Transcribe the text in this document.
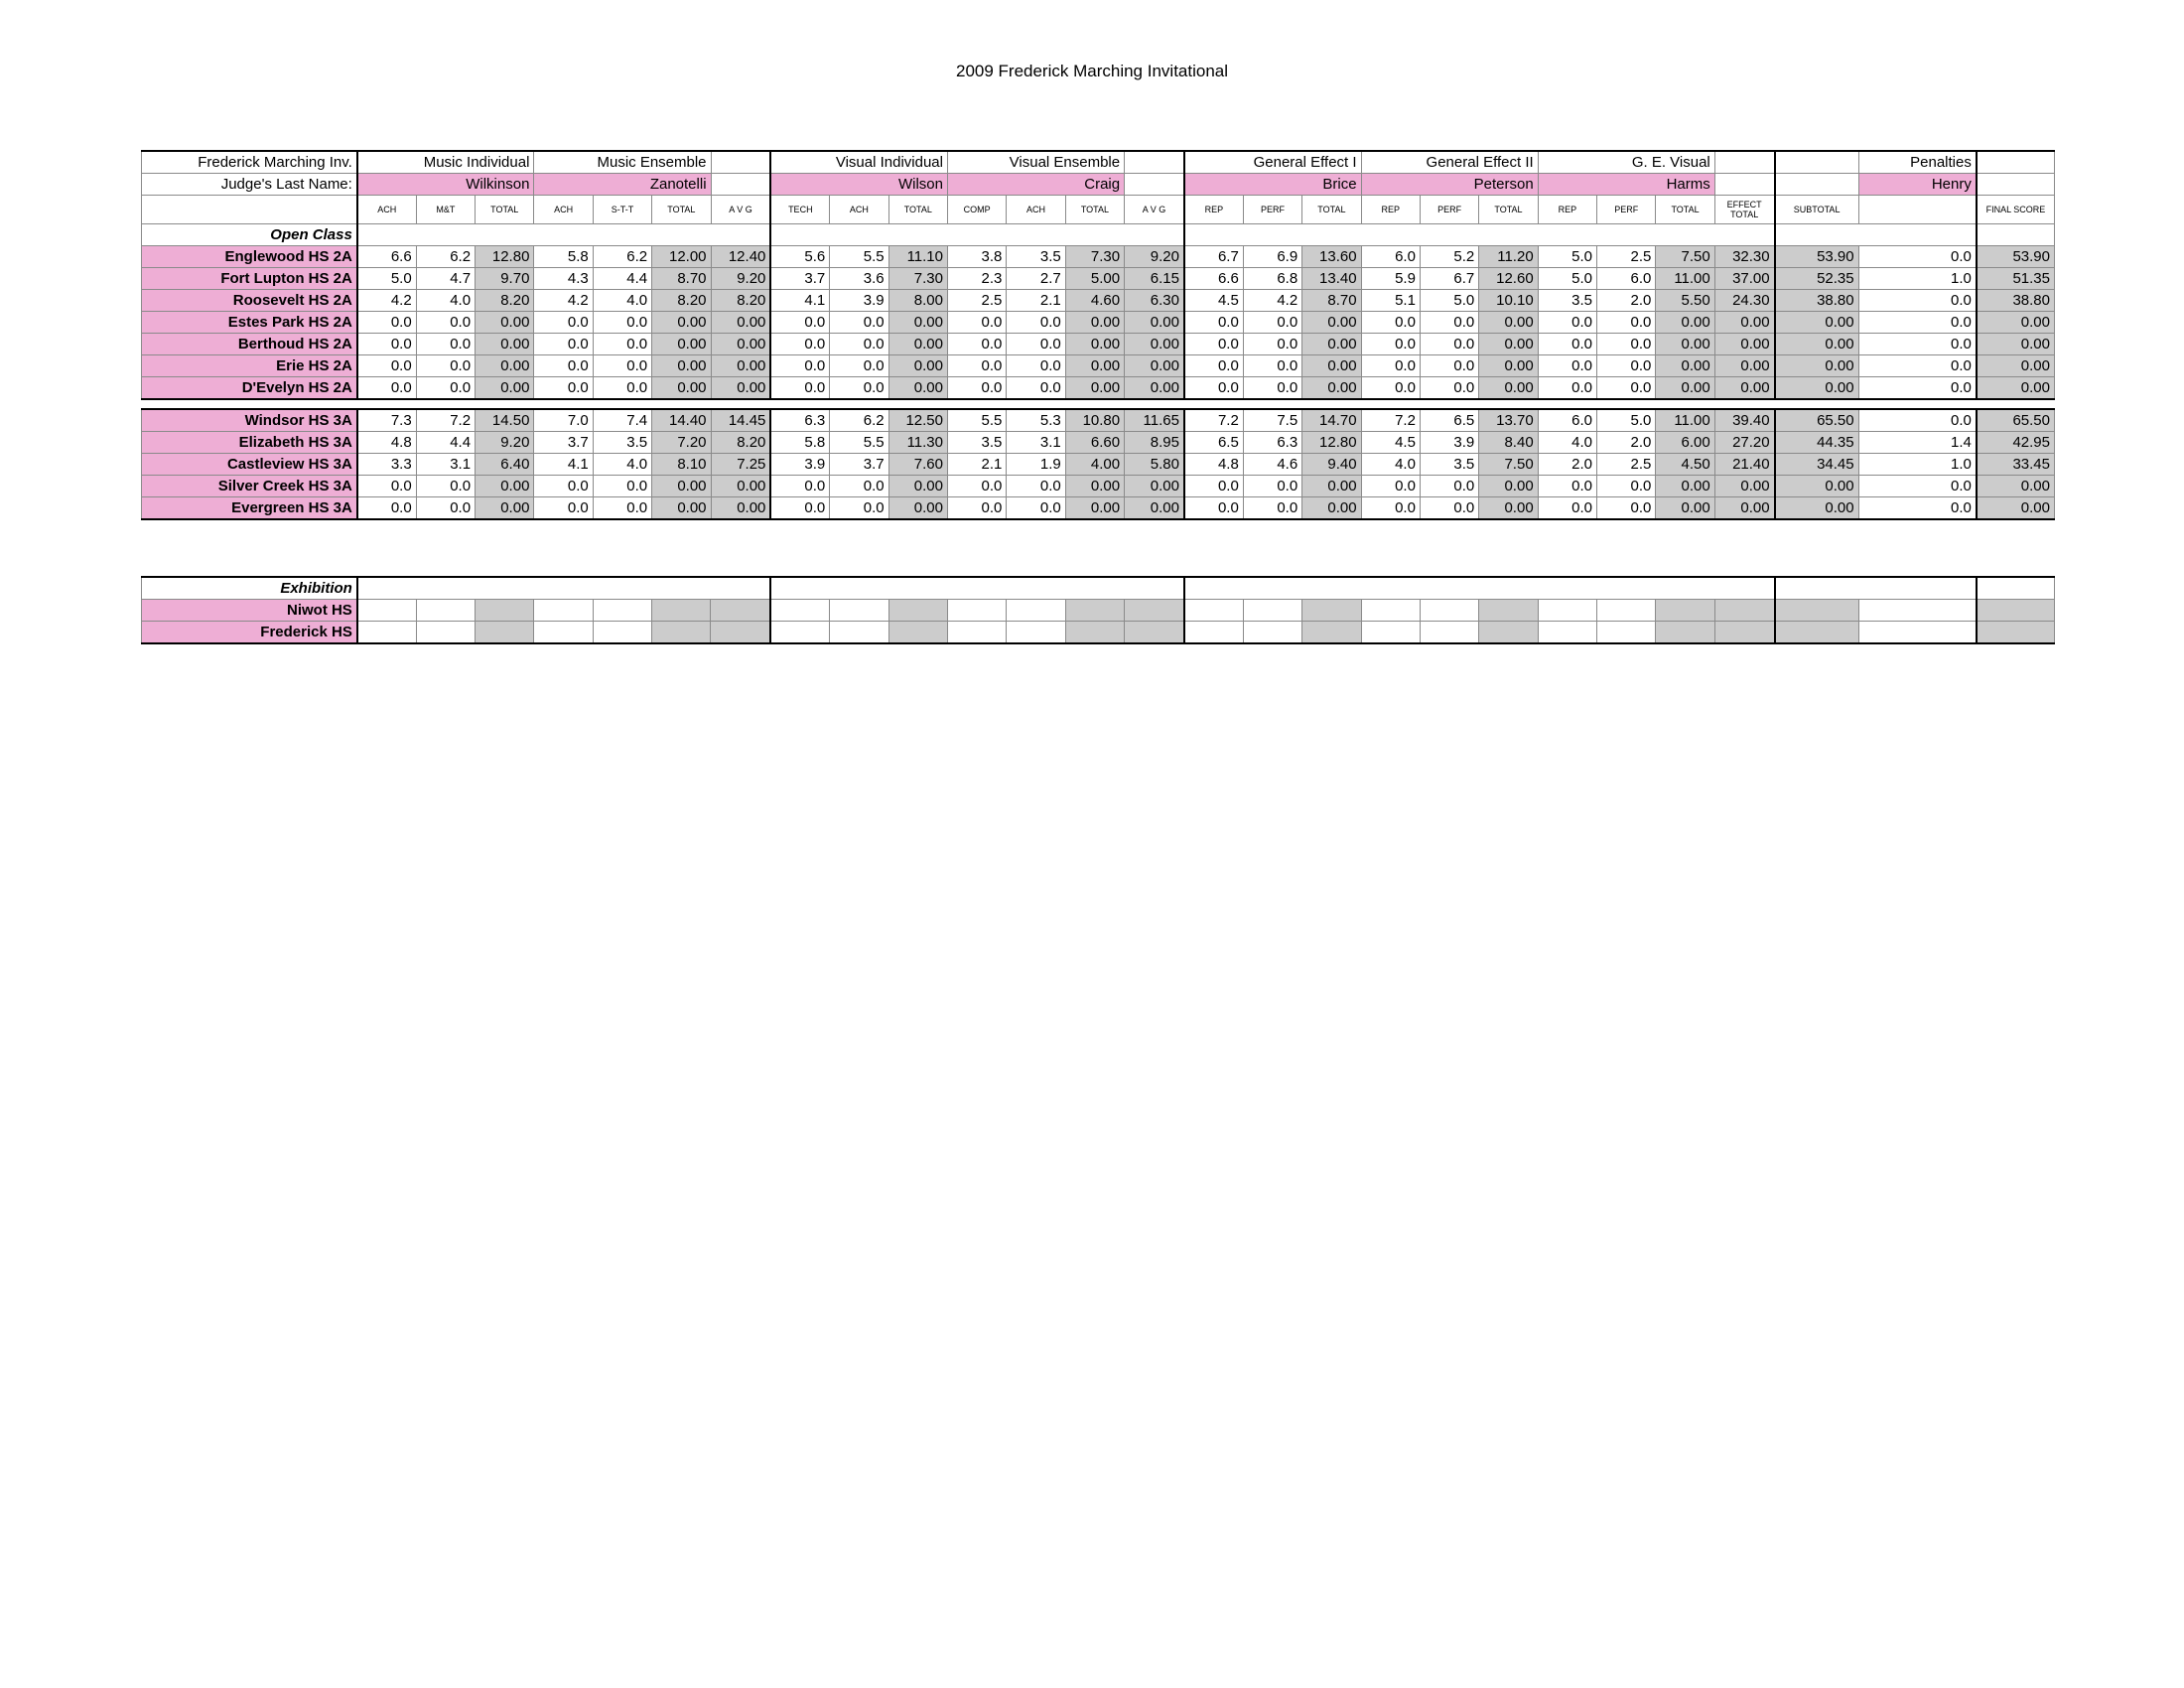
2009 Frederick Marching Invitational
Frederick Marching Inv.	Music Individual			Music Ensemble				Visual Individual			Visual Ensemble				General Effect I			General Effect II			G. E. Visual					Penalties	
Judge's Last Name:	Wilkinson			Zanotelli				Wilson			Craig				Brice			Peterson			Harms					Henry	
	ACH	M&T	TOTAL	ACH	S-T-T	TOTAL	A V G	TECH	ACH	TOTAL	COMP	ACH	TOTAL	A V G	REP	PERF	TOTAL	REP	PERF	TOTAL	REP	PERF	TOTAL	EFFECT
TOTAL	SUBTOTAL		FINAL SCORE
Open Class																											
Englewood HS 2A	6.6	6.2	12.80	5.8	6.2	12.00	12.40	5.6	5.5	11.10	3.8	3.5	7.30	9.20	6.7	6.9	13.60	6.0	5.2	11.20	5.0	2.5	7.50	32.30	53.90	0.0	53.90
Fort Lupton HS 2A	5.0	4.7	9.70	4.3	4.4	8.70	9.20	3.7	3.6	7.30	2.3	2.7	5.00	6.15	6.6	6.8	13.40	5.9	6.7	12.60	5.0	6.0	11.00	37.00	52.35	1.0	51.35
Roosevelt HS 2A	4.2	4.0	8.20	4.2	4.0	8.20	8.20	4.1	3.9	8.00	2.5	2.1	4.60	6.30	4.5	4.2	8.70	5.1	5.0	10.10	3.5	2.0	5.50	24.30	38.80	0.0	38.80
Estes Park HS 2A	0.0	0.0	0.00	0.0	0.0	0.00	0.00	0.0	0.0	0.00	0.0	0.0	0.00	0.00	0.0	0.0	0.00	0.0	0.0	0.00	0.0	0.0	0.00	0.00	0.00	0.0	0.00
Berthoud HS 2A	0.0	0.0	0.00	0.0	0.0	0.00	0.00	0.0	0.0	0.00	0.0	0.0	0.00	0.00	0.0	0.0	0.00	0.0	0.0	0.00	0.0	0.0	0.00	0.00	0.00	0.0	0.00
Erie HS 2A	0.0	0.0	0.00	0.0	0.0	0.00	0.00	0.0	0.0	0.00	0.0	0.0	0.00	0.00	0.0	0.0	0.00	0.0	0.0	0.00	0.0	0.0	0.00	0.00	0.00	0.0	0.00
D'Evelyn HS 2A	0.0	0.0	0.00	0.0	0.0	0.00	0.00	0.0	0.0	0.00	0.0	0.0	0.00	0.00	0.0	0.0	0.00	0.0	0.0	0.00	0.0	0.0	0.00	0.00	0.00	0.0	0.00

Windsor HS 3A	7.3	7.2	14.50	7.0	7.4	14.40	14.45	6.3	6.2	12.50	5.5	5.3	10.80	11.65	7.2	7.5	14.70	7.2	6.5	13.70	6.0	5.0	11.00	39.40	65.50	0.0	65.50
Elizabeth HS 3A	4.8	4.4	9.20	3.7	3.5	7.20	8.20	5.8	5.5	11.30	3.5	3.1	6.60	8.95	6.5	6.3	12.80	4.5	3.9	8.40	4.0	2.0	6.00	27.20	44.35	1.4	42.95
Castleview HS 3A	3.3	3.1	6.40	4.1	4.0	8.10	7.25	3.9	3.7	7.60	2.1	1.9	4.00	5.80	4.8	4.6	9.40	4.0	3.5	7.50	2.0	2.5	4.50	21.40	34.45	1.0	33.45
Silver Creek HS 3A	0.0	0.0	0.00	0.0	0.0	0.00	0.00	0.0	0.0	0.00	0.0	0.0	0.00	0.00	0.0	0.0	0.00	0.0	0.0	0.00	0.0	0.0	0.00	0.00	0.00	0.0	0.00
Evergreen HS 3A	0.0	0.0	0.00	0.0	0.0	0.00	0.00	0.0	0.0	0.00	0.0	0.0	0.00	0.00	0.0	0.0	0.00	0.0	0.0	0.00	0.0	0.0	0.00	0.00	0.00	0.0	0.00
Exhibition																											
Niwot HS																											
Frederick HS																											
